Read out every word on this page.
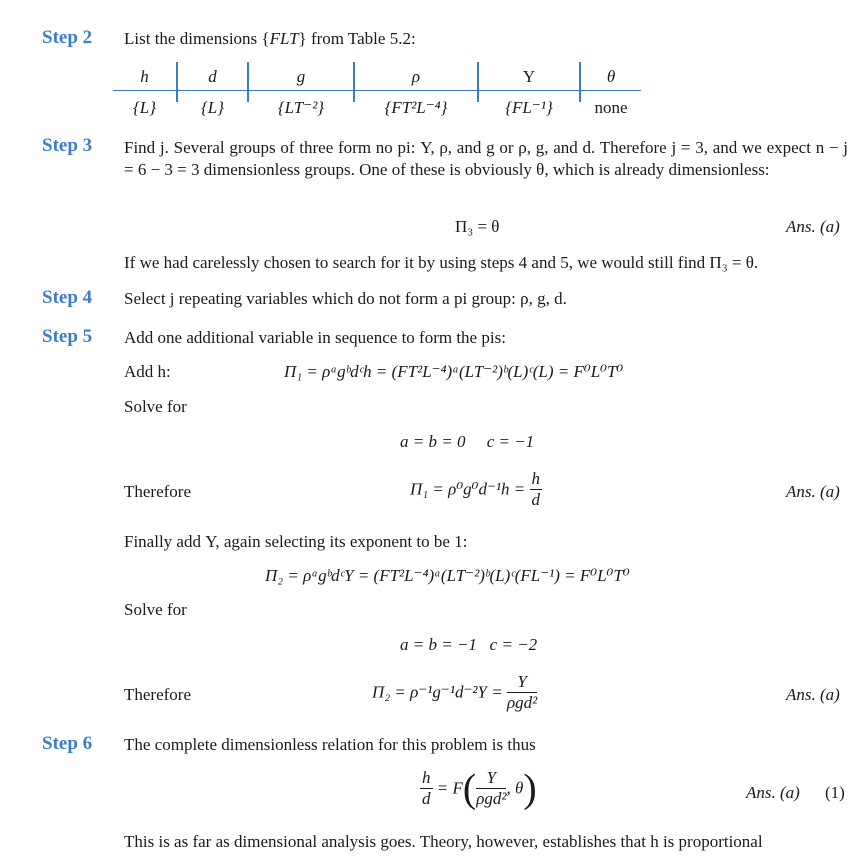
Step 2 List the dimensions {FLT} from Table 5.2:
h	d	g	ρ	Υ	θ
{L}	{L}	{LT⁻²}	{FT²L⁻⁴}	{FL⁻¹}	none
Step 3 Find j. Several groups of three form no pi: Υ, ρ, and g or ρ, g, and d. Therefore j = 3, and we expect n − j = 6 − 3 = 3 dimensionless groups. One of these is obviously θ, which is already dimensionless:
Π₃ = θ	Ans. (a)
If we had carelessly chosen to search for it by using steps 4 and 5, we would still find Π₃ = θ.
Step 4 Select j repeating variables which do not form a pi group: ρ, g, d.
Step 5 Add one additional variable in sequence to form the pis:
Add h:	Π₁ = ρᵃgᵇdᶜh = (FT²L⁻⁴)ᵃ(LT⁻²)ᵇ(L)ᶜ(L) = F⁰L⁰T⁰
Solve for
a = b = 0     c = −1
Therefore	$\Pi_1 = \rho^0g^0d^{-1}h = \frac{h}{d}$	Ans. (a)
Finally add Υ, again selecting its exponent to be 1:
Π₂ = ρᵃgᵇdᶜΥ = (FT²L⁻⁴)ᵃ(LT⁻²)ᵇ(L)ᶜ(FL⁻¹) = F⁰L⁰T⁰
Solve for
a = b = −1   c = −2
Therefore	$\Pi_2 = \rho^{-1}g^{-1}d^{-2}\Upsilon = \frac{\Upsilon}{\text{ρgd²}}$	Ans. (a)
Step 6 The complete dimensionless relation for this problem is thus
$\frac{h}{d} = F( \frac{\Upsilon}{\text{ρgd²}}$ , θ)	Ans. (a) (1)
This is as far as dimensional analysis goes. Theory, however, establishes that h is proportional
